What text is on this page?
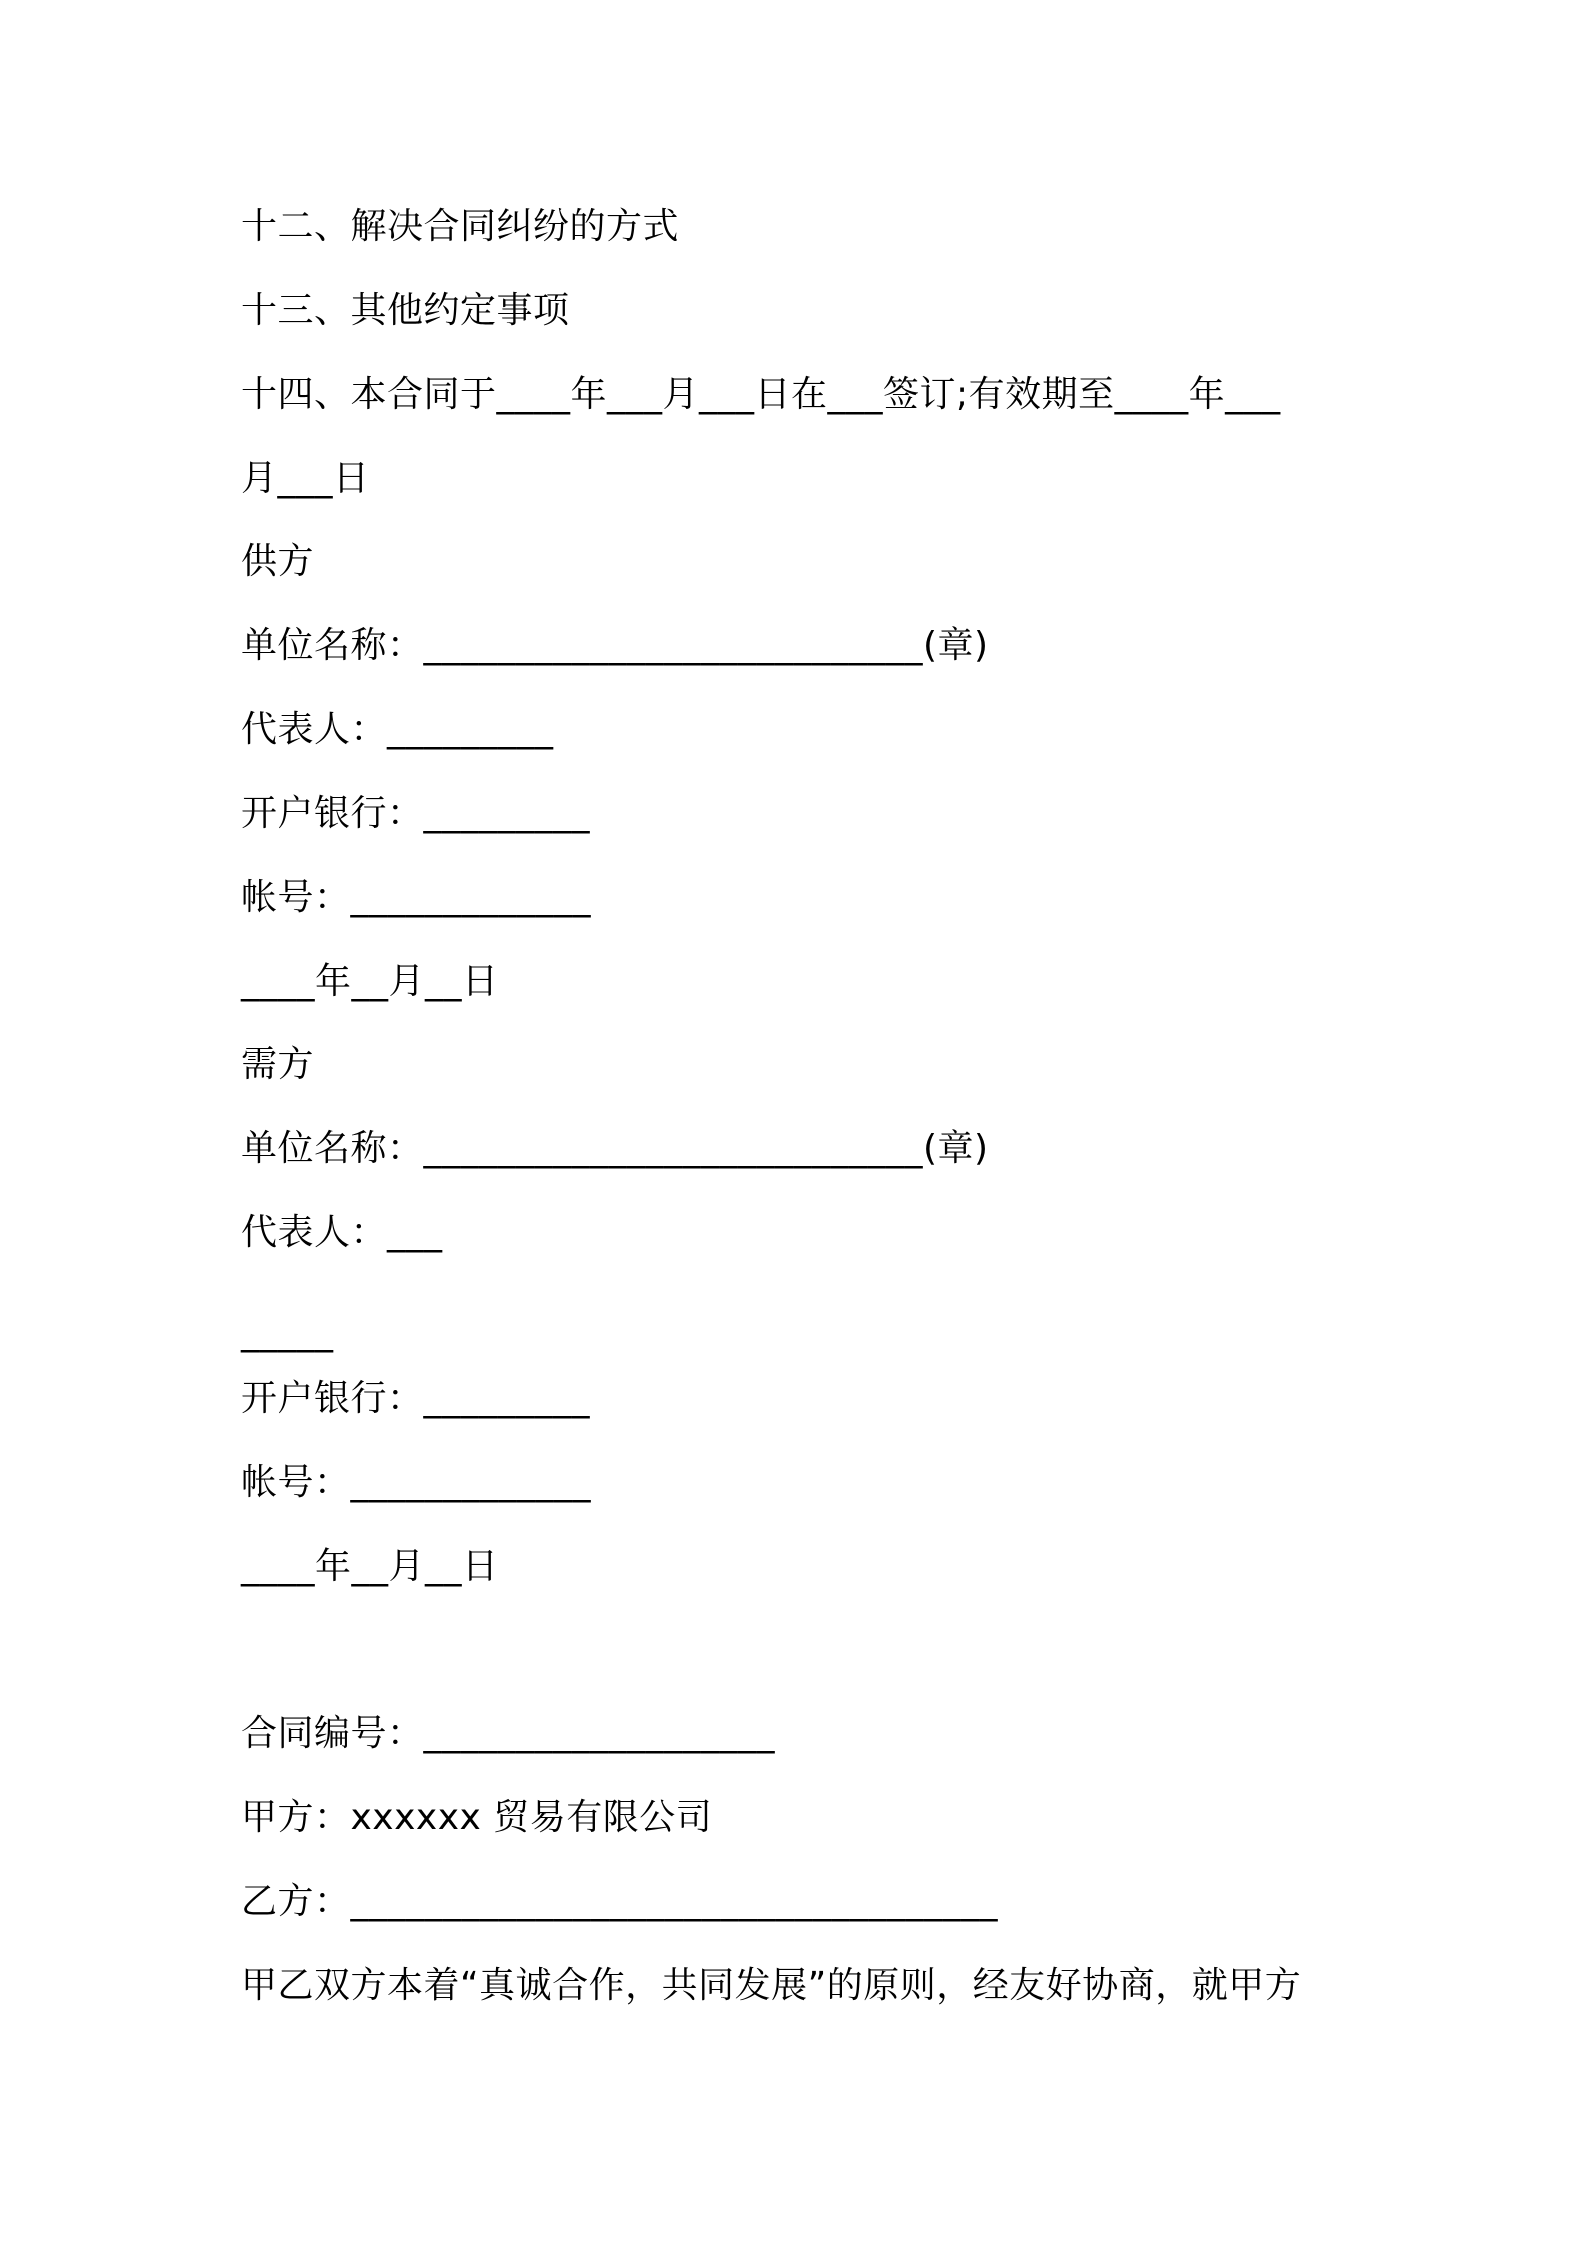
十二、解决合同纠纷的方式
十三、其他约定事项
十四、本合同于____年___月___日在___签订;有效期至____年___
月___日
供方
单位名称：___________________________(章)
代表人：_________
开户银行：_________
帐号：_____________
____年__月__日
需方
单位名称：___________________________(章)
代表人：___
_____
开户银行：_________
帐号：_____________
____年__月__日
合同编号：___________________
甲方：xxxxxx 贸易有限公司
乙方：___________________________________
甲乙双方本着“真诚合作，共同发展”的原则，经友好协商，就甲方
